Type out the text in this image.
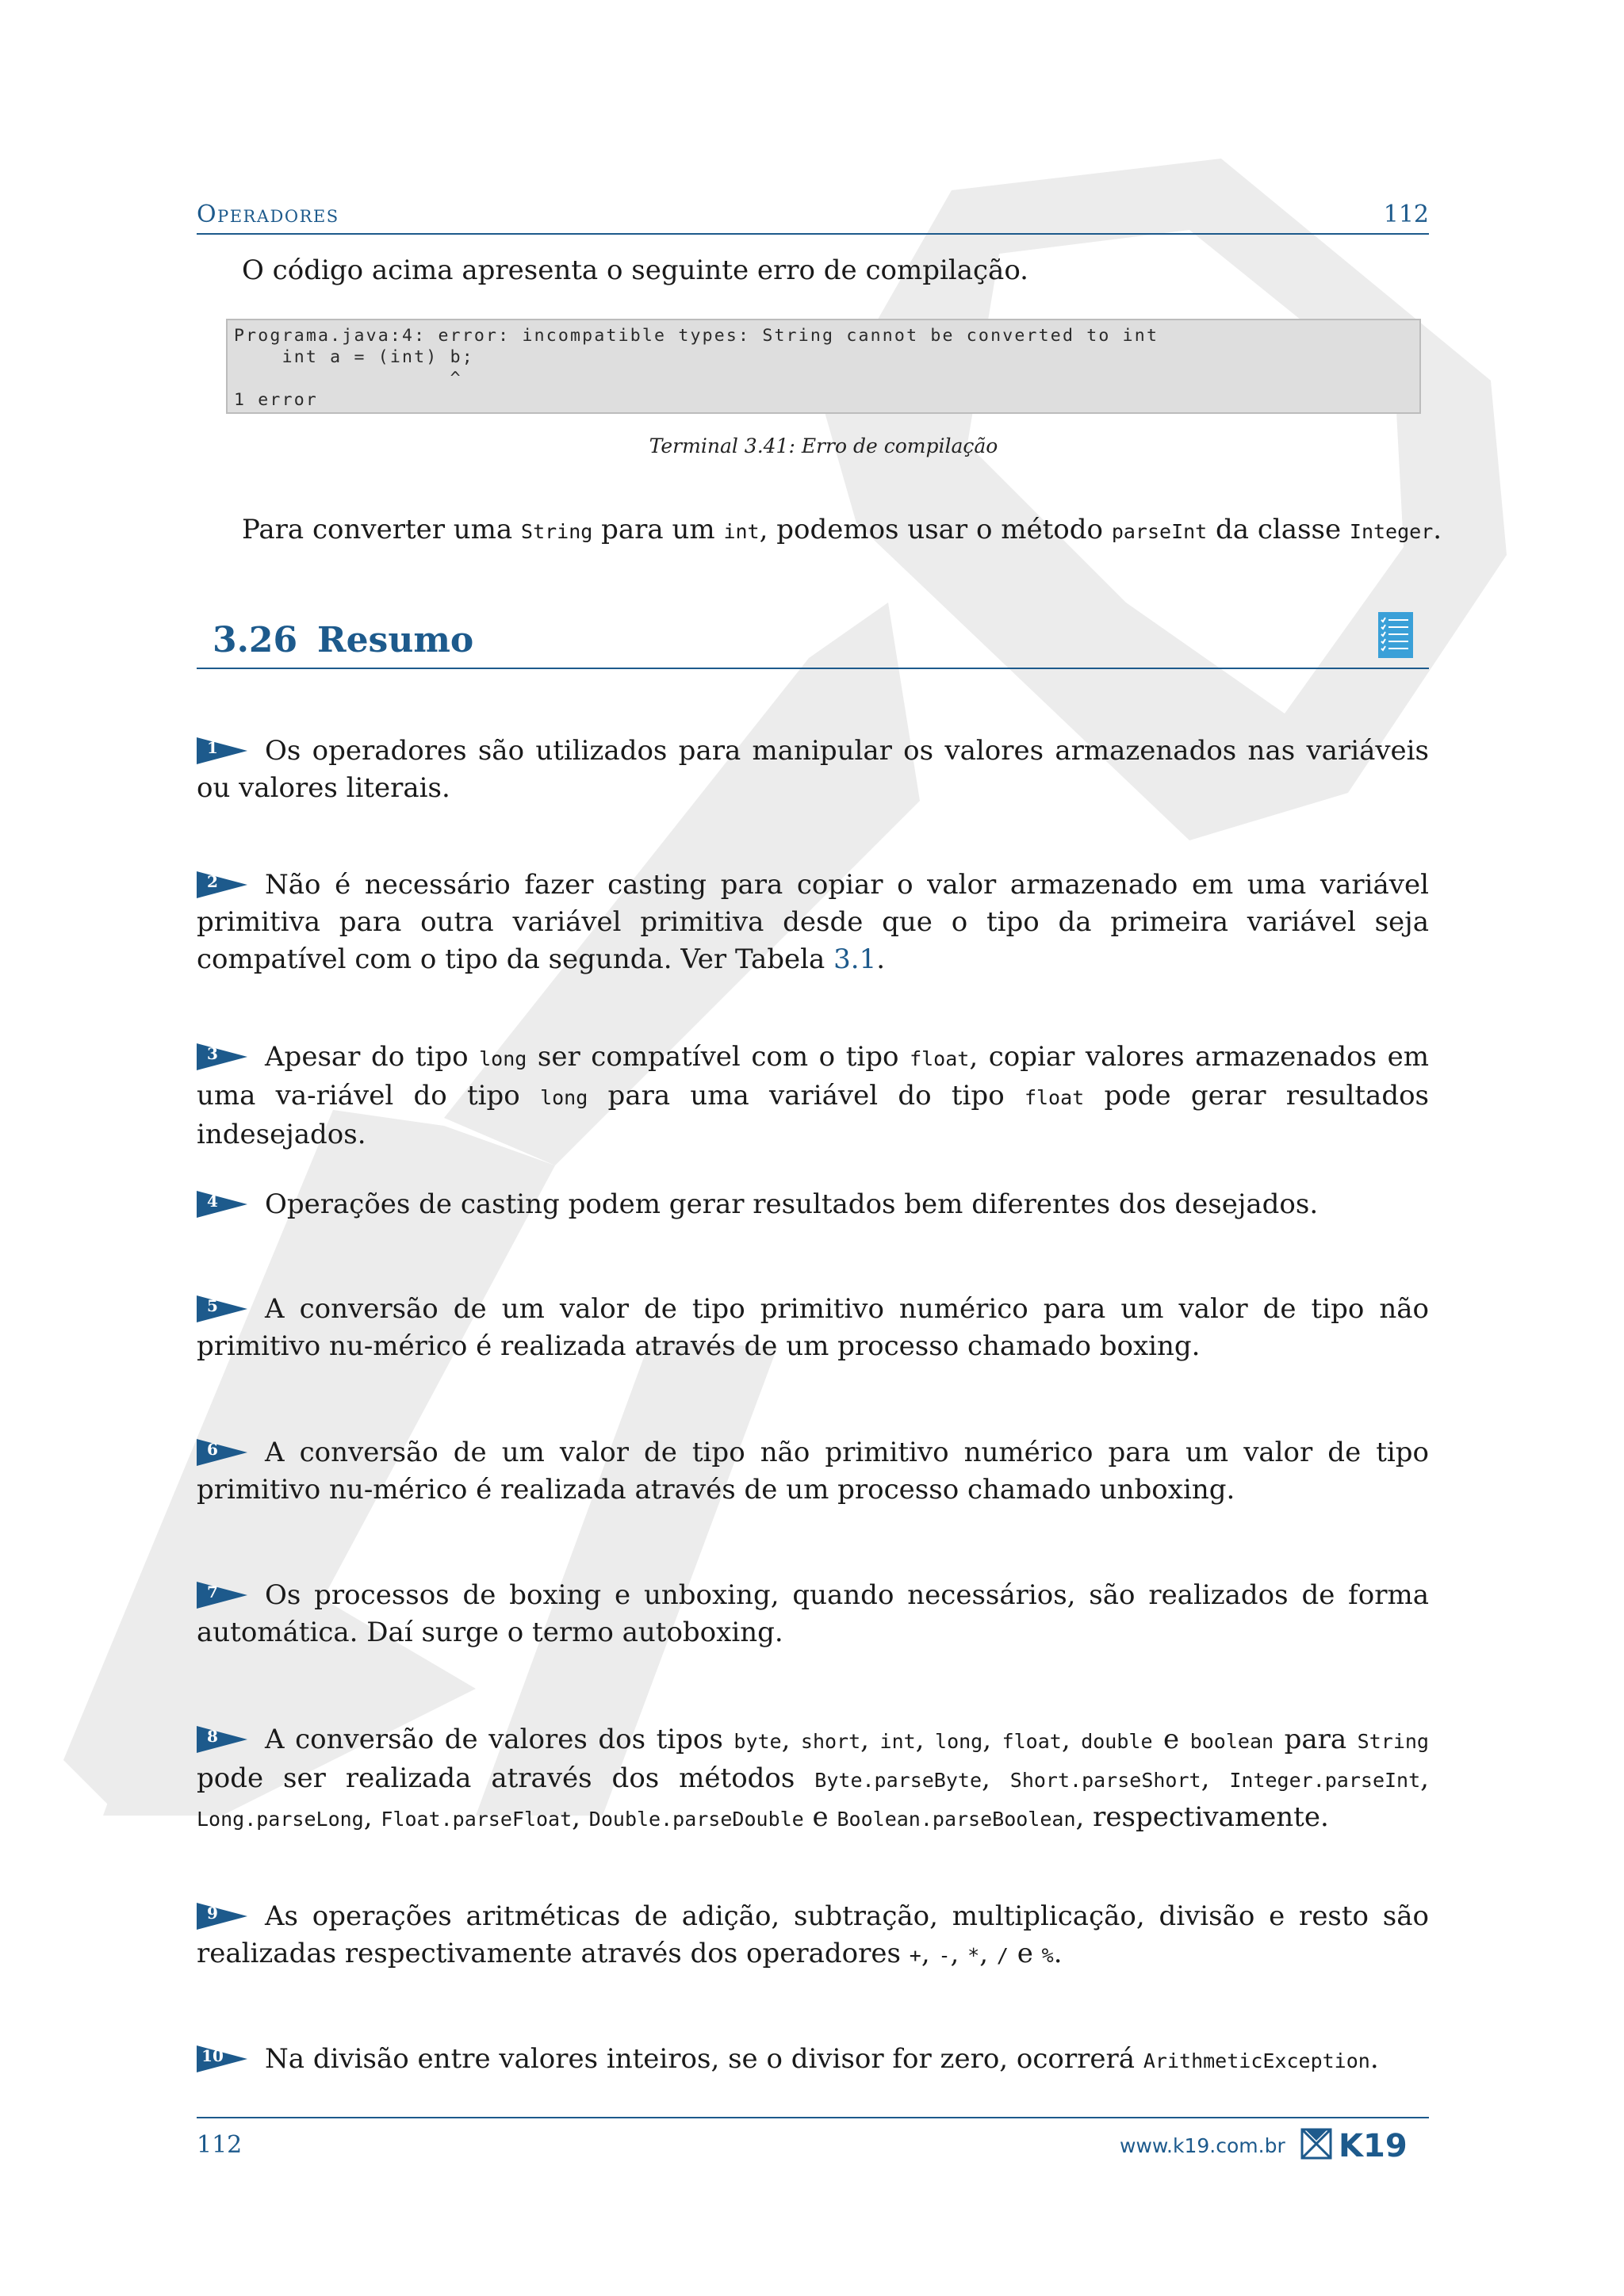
Operadores	112
O código acima apresenta o seguinte erro de compilação.
Programa.java:4: error: incompatible types: String cannot be converted to int
int a = (int) b;
^
1 error
Terminal 3.41: Erro de compilação
Para converter uma String para um int, podemos usar o método parseInt da classe Integer.
3.26 Resumo
1	Os operadores são utilizados para manipular os valores armazenados nas variáveis ou valores literais.
2	Não é necessário fazer casting para copiar o valor armazenado em uma variável primitiva para outra variável primitiva desde que o tipo da primeira variável seja compatível com o tipo da segunda. Ver Tabela 3.1.
3	Apesar do tipo long ser compatível com o tipo float, copiar valores armazenados em uma va-riável do tipo long para uma variável do tipo float pode gerar resultados indesejados.
4	Operações de casting podem gerar resultados bem diferentes dos desejados.
5	A conversão de um valor de tipo primitivo numérico para um valor de tipo não primitivo nu-mérico é realizada através de um processo chamado boxing.
6	A conversão de um valor de tipo não primitivo numérico para um valor de tipo primitivo nu-mérico é realizada através de um processo chamado unboxing.
7	Os processos de boxing e unboxing, quando necessários, são realizados de forma automática. Daí surge o termo autoboxing.
8	A conversão de valores dos tipos byte, short, int, long, float, double e boolean para String pode ser realizada através dos métodos Byte.parseByte, Short.parseShort, Integer.parseInt, Long.parseLong, Float.parseFloat, Double.parseDouble e Boolean.parseBoolean, respectivamente.
9	As operações aritméticas de adição, subtração, multiplicação, divisão e resto são realizadas respectivamente através dos operadores +, -, *, / e %.
10 Na divisão entre valores inteiros, se o divisor for zero, ocorrerá ArithmeticException.
112	www.k19.com.br K19
